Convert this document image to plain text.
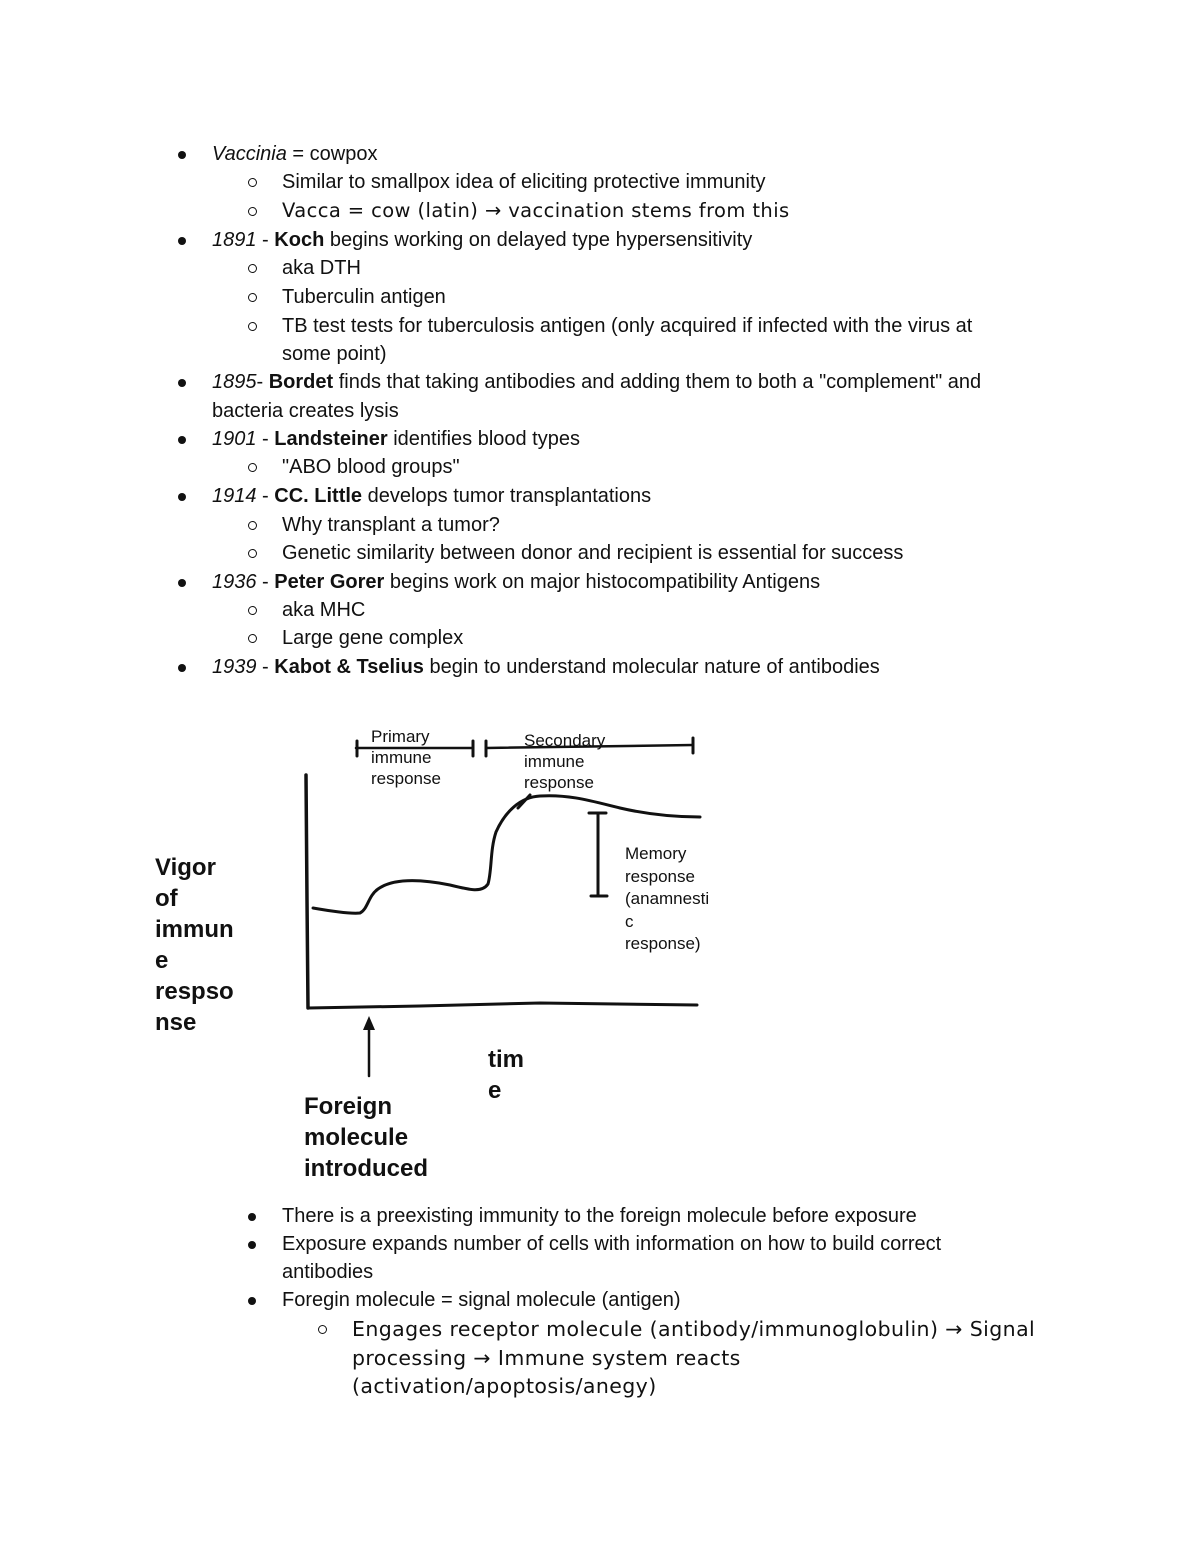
Vaccinia = cowpox
Similar to smallpox idea of eliciting protective immunity
Vacca = cow (latin) → vaccination stems from this
1891 - Koch begins working on delayed type hypersensitivity
aka DTH
Tuberculin antigen
TB test tests for tuberculosis antigen (only acquired if infected with the virus at
some point)
1895- Bordet finds that taking antibodies and adding them to both a "complement" and
bacteria creates lysis
1901 - Landsteiner identifies blood types
"ABO blood groups"
1914 - CC. Little develops tumor transplantations
Why transplant a tumor?
Genetic similarity between donor and recipient is essential for success
1936 - Peter Gorer begins work on major histocompatibility Antigens
aka MHC
Large gene complex
1939 - Kabot & Tselius begin to understand molecular nature of antibodies
Primary
immune
response
Secondary
immune
response
Memory
response
(anamnesti
c
response)
Vigor
of
immun
e
respso
nse
tim
e
Foreign
molecule
introduced
There is a preexisting immunity to the foreign molecule before exposure
Exposure expands number of cells with information on how to build correct
antibodies
Foregin molecule = signal molecule (antigen)
Engages receptor molecule (antibody/immunoglobulin) → Signal
processing → Immune system reacts
(activation/apoptosis/anegy)
